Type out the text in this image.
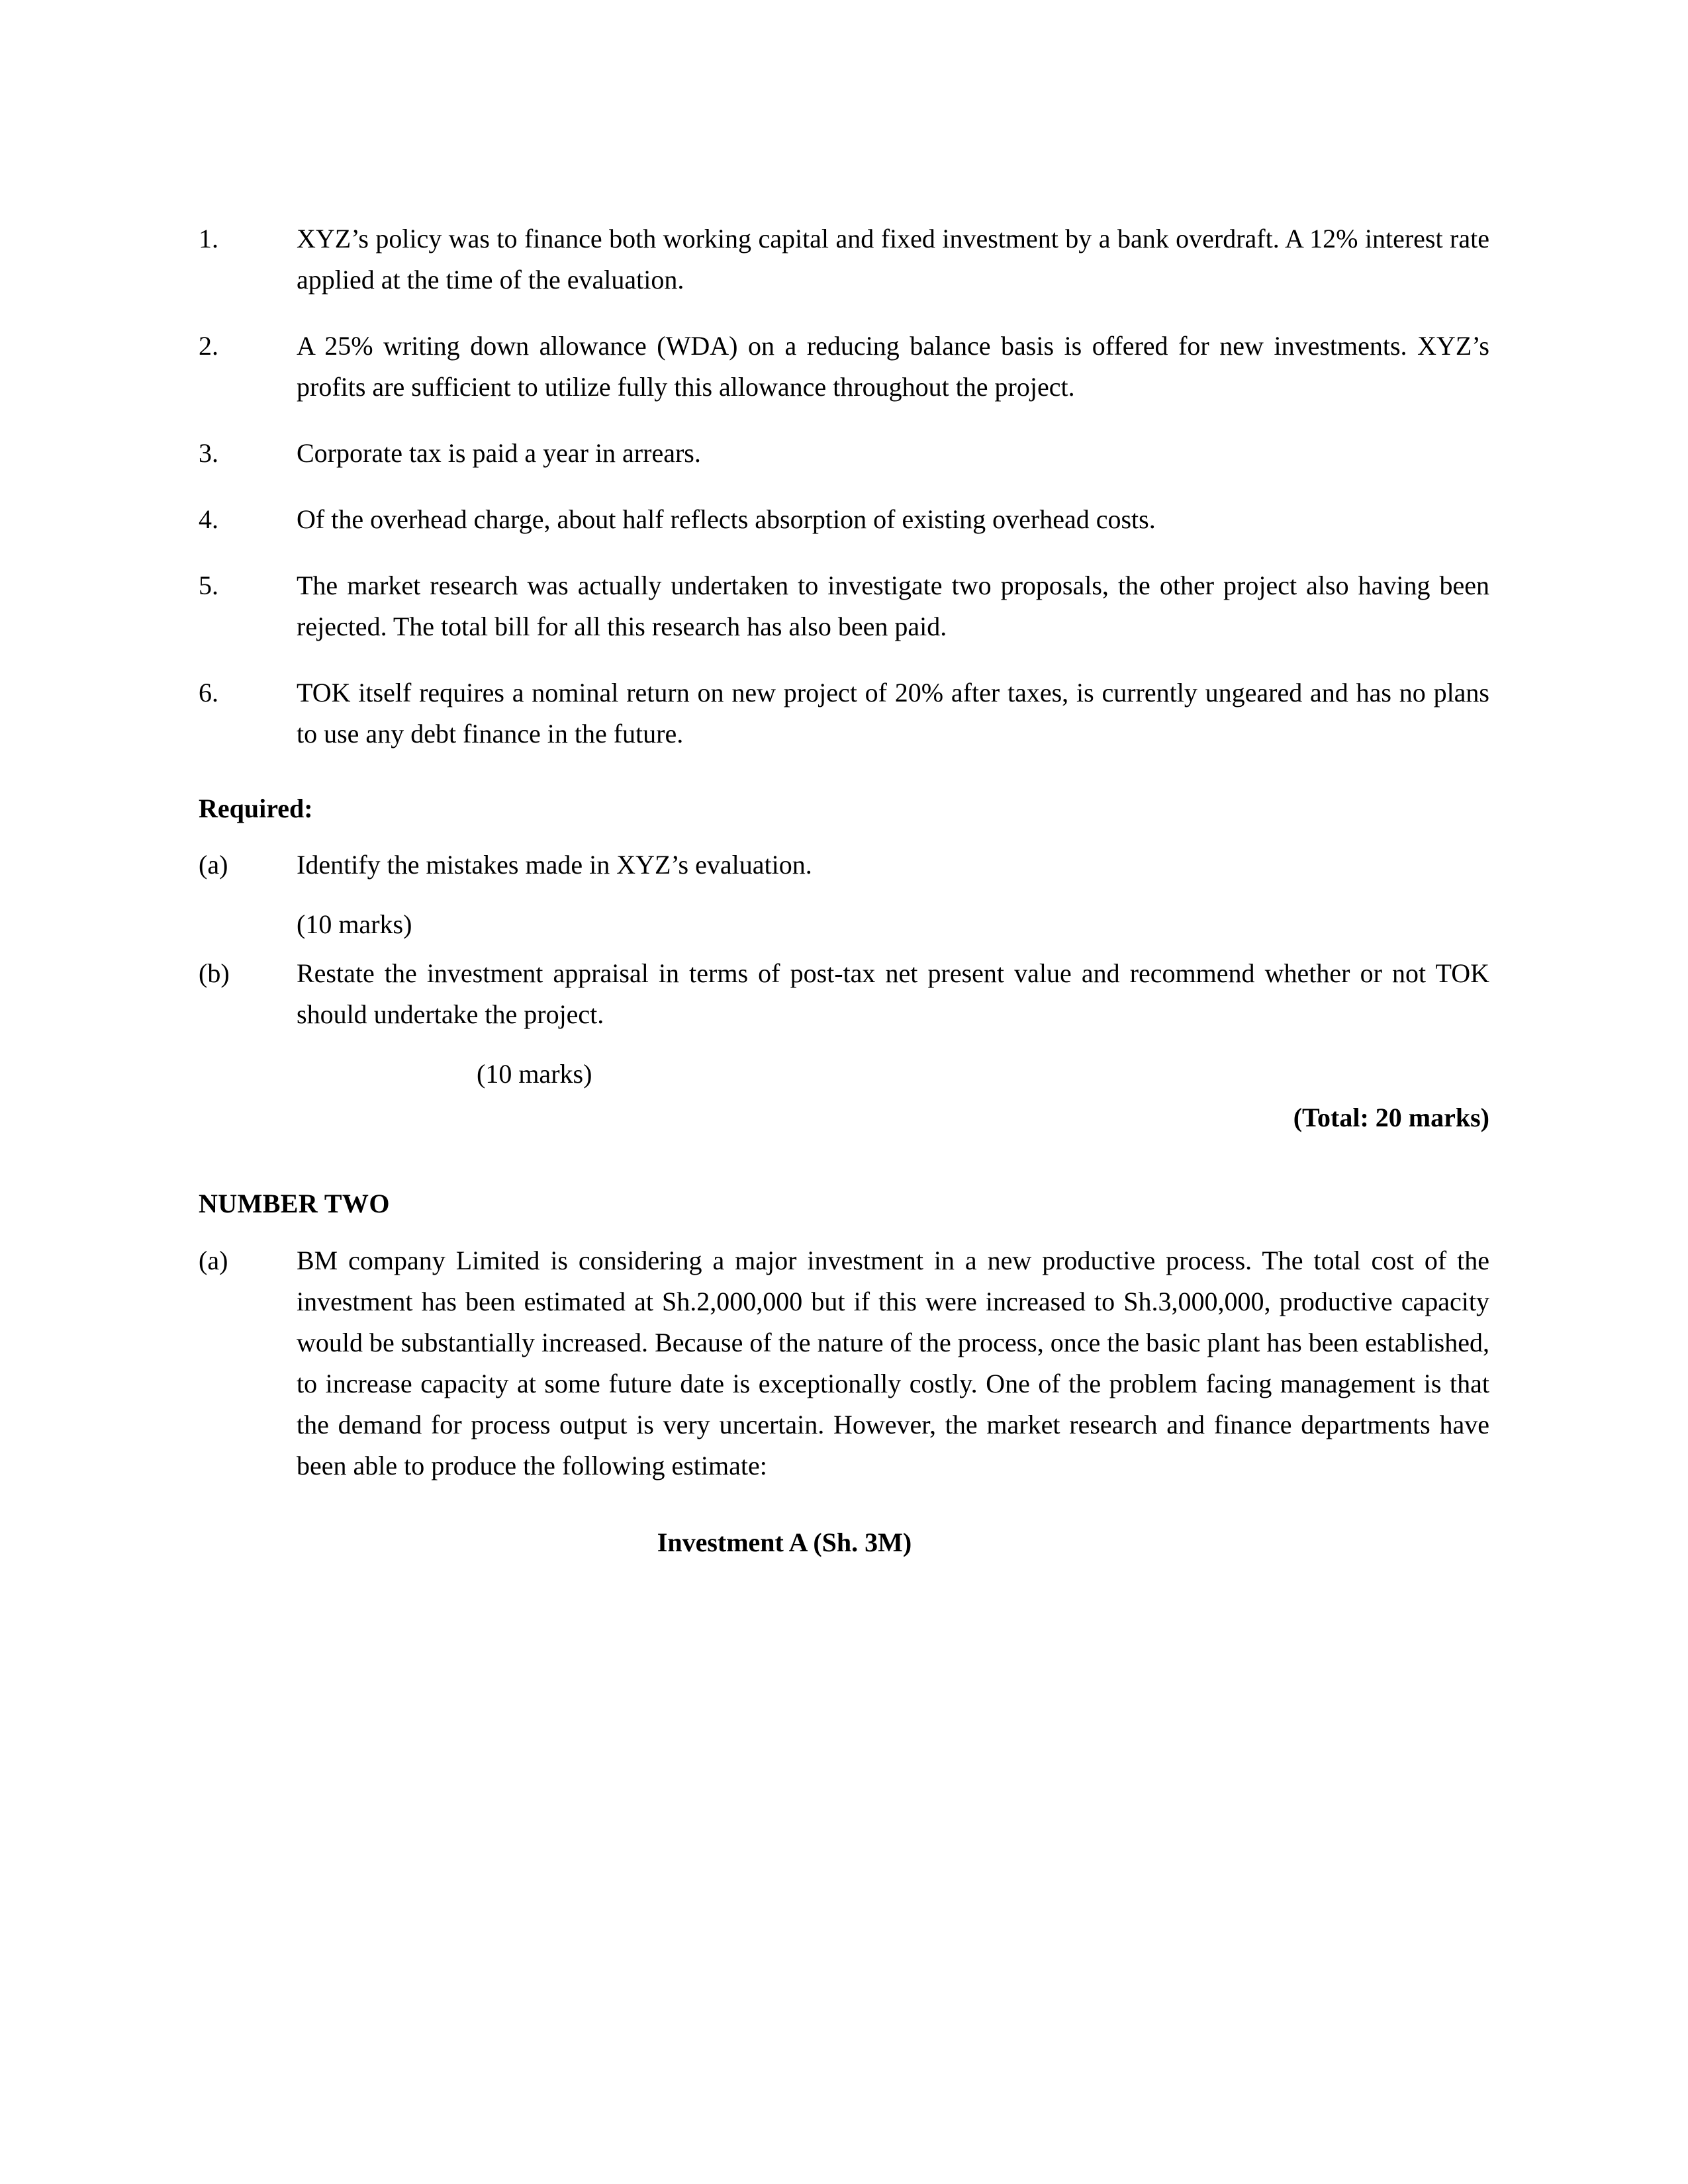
1.	XYZ’s policy was to finance both working capital and fixed investment by a bank overdraft. A 12% interest rate applied at the time of the evaluation.
2.	A 25% writing down allowance (WDA) on a reducing balance basis is offered for new investments. XYZ’s profits are sufficient to utilize fully this allowance throughout the project.
3.	Corporate tax is paid a year in arrears.
4.	Of the overhead charge, about half reflects absorption of existing overhead costs.
5.	The market research was actually undertaken to investigate two proposals, the other project also having been rejected. The total bill for all this research has also been paid.
6.	TOK itself requires a nominal return on new project of 20% after taxes, is currently ungeared and has no plans to use any debt finance in the future.
Required:
(a)	Identify the mistakes made in XYZ’s evaluation.
(10 marks)
(b)	Restate the investment appraisal in terms of post-tax net present value and recommend whether or not TOK should undertake the project.
(10 marks)
(Total: 20 marks)
NUMBER TWO
(a)	BM company Limited is considering a major investment in a new productive process. The total cost of the investment has been estimated at Sh.2,000,000 but if this were increased to Sh.3,000,000, productive capacity would be substantially increased. Because of the nature of the process, once the basic plant has been established, to increase capacity at some future date is exceptionally costly. One of the problem facing management is that the demand for process output is very uncertain. However, the market research and finance departments have been able to produce the following estimate:
Investment A (Sh. 3M)
